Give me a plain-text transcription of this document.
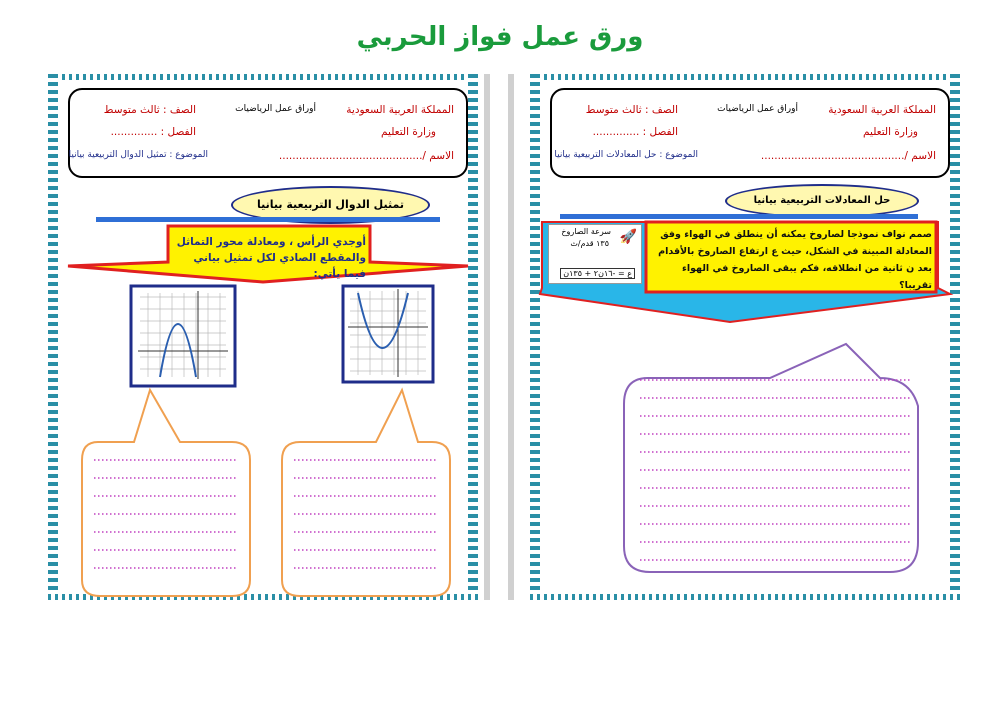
ورق عمل فواز الحربي
المملكة العربية السعودية
أوراق عمل الرياضيات
الصف : ثالث متوسط
وزارة التعليم
الفصل : ..............
الاسم /...........................................
الموضوع : تمثيل الدوال التربيعية بيانيا
تمثيل الدوال التربيعية بيانيا
أوجدي الرأس ، ومعادلة محور التماثل
والمقطع الصادي لكل تمثيل بياني فيما يأتي:
المملكة العربية السعودية
أوراق عمل الرياضيات
الصف : ثالث متوسط
وزارة التعليم
الفصل : ..............
الاسم /...........................................
الموضوع : حل المعادلات التربيعية بيانيا
حل المعادلات التربيعية بيانيا
صمم نواف نموذجا لصاروخ يمكنه أن ينطلق في الهواء وفق المعادلة المبينة في الشكل، حيث ع ارتفاع الصاروخ بالأقدام بعد ن ثانية من انطلاقه، فكم يبقى الصاروخ في الهواء تقريبا؟
سرعة الصاروخ
١٣٥ قدم/ث 🚀
ع = -١٦ن٢ + ١٣٥ن
